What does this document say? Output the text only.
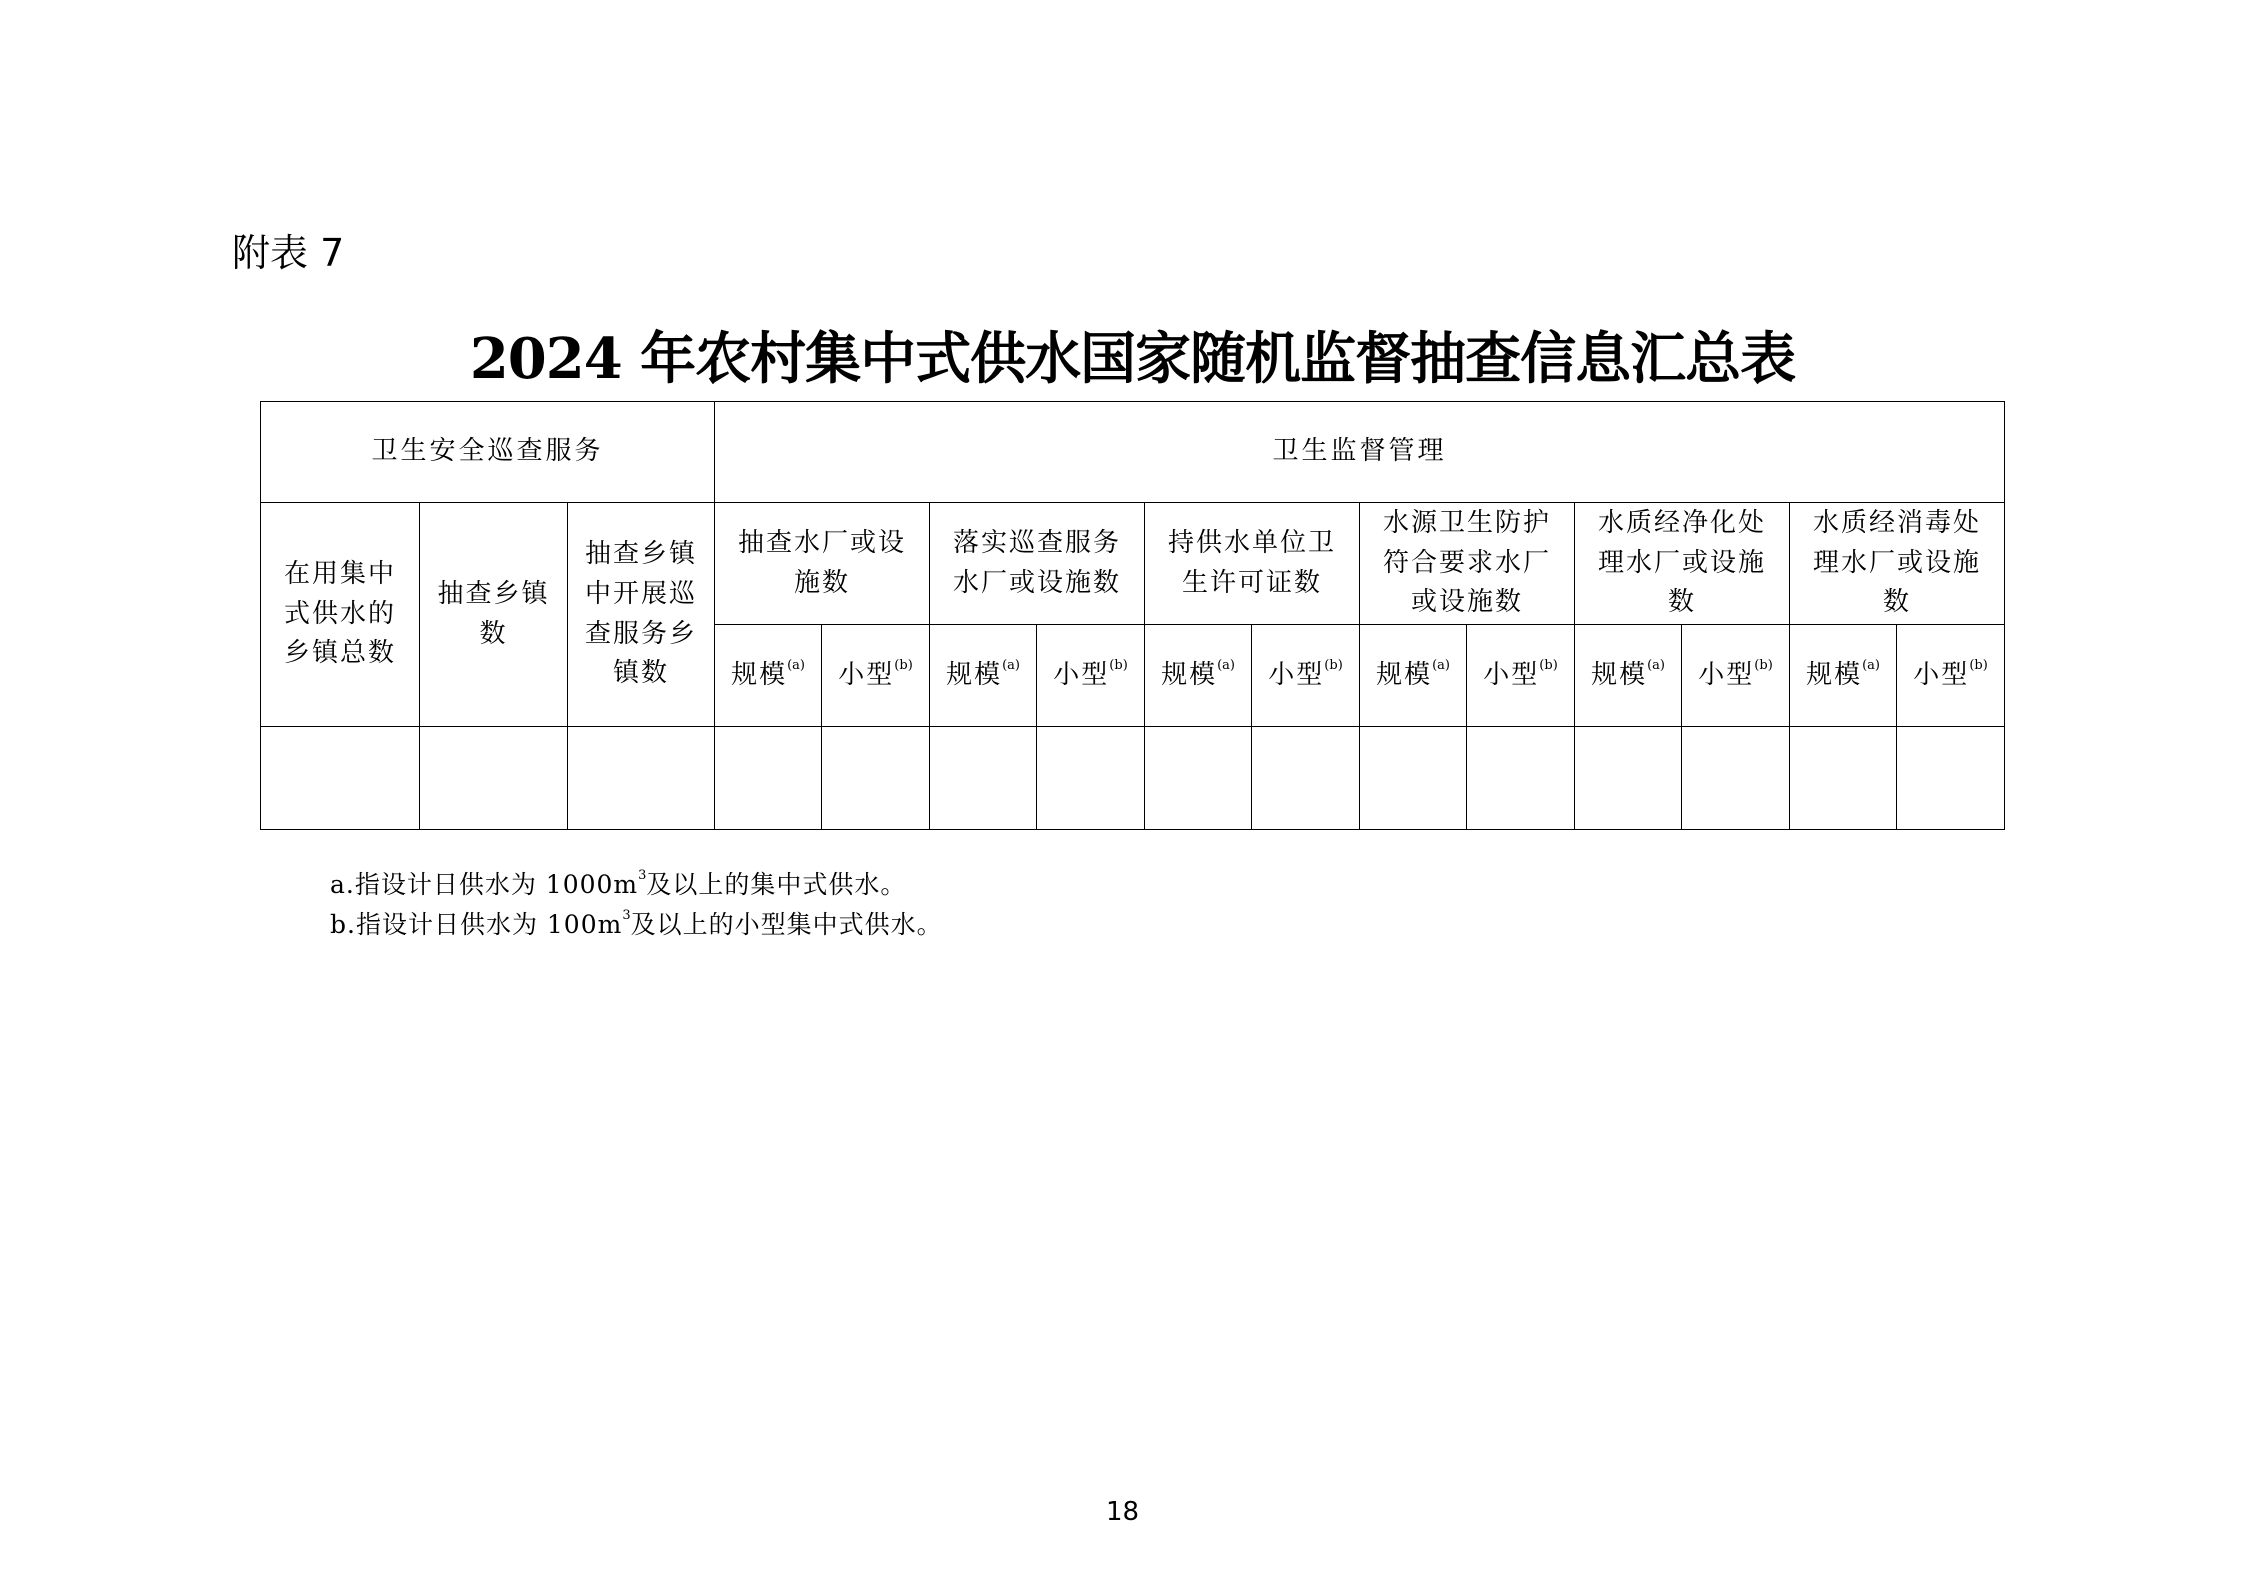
附表 7
2024 年农村集中式供水国家随机监督抽查信息汇总表
卫生安全巡查服务			卫生监督管理											
在用集中式供水的乡镇总数	抽查乡镇数	抽查乡镇中开展巡查服务乡镇数	抽查水厂或设施数		落实巡查服务水厂或设施数		持供水单位卫生许可证数		水源卫生防护符合要求水厂或设施数		水质经净化处理水厂或设施数		水质经消毒处理水厂或设施数	
			规模$^{(a)}$	小型$^{(b)}$	规模$^{(a)}$	小型$^{(b)}$	规模$^{(a)}$	小型$^{(b)}$	规模$^{(a)}$	小型$^{(b)}$	规模$^{(a)}$	小型$^{(b)}$	规模$^{(a)}$	小型$^{(b)}$

a.指设计日供水为 $1000m^3$及以上的集中式供水。
b.指设计日供水为 $100m^3$及以上的小型集中式供水。
18
